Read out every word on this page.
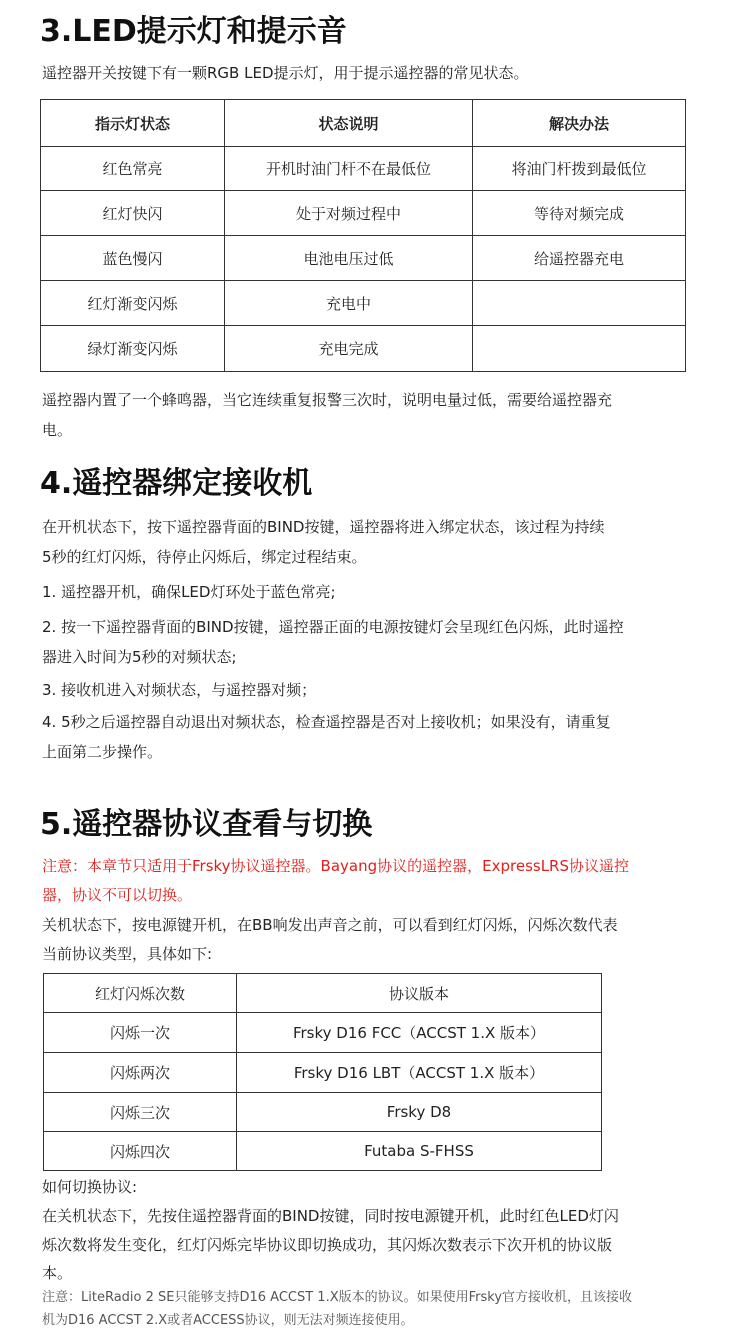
3.LED提示灯和提示音

遥控器开关按键下有一颗RGB LED提示灯，用于提示遥控器的常见状态。

指示灯状态	状态说明	解决办法
红色常亮	开机时油门杆不在最低位	将油门杆拨到最低位
红灯快闪	处于对频过程中	等待对频完成
蓝色慢闪	电池电压过低	给遥控器充电
红灯渐变闪烁	充电中	
绿灯渐变闪烁	充电完成	

遥控器内置了一个蜂鸣器，当它连续重复报警三次时，说明电量过低，需要给遥控器充

电。

4.遥控器绑定接收机

在开机状态下，按下遥控器背面的BIND按键，遥控器将进入绑定状态，该过程为持续

5秒的红灯闪烁，待停止闪烁后，绑定过程结束。

1. 遥控器开机，确保LED灯环处于蓝色常亮;

2. 按一下遥控器背面的BIND按键，遥控器正面的电源按键灯会呈现红色闪烁，此时遥控

器进入时间为5秒的对频状态;

3. 接收机进入对频状态，与遥控器对频；

4. 5秒之后遥控器自动退出对频状态，检查遥控器是否对上接收机；如果没有，请重复

上面第二步操作。

5.遥控器协议查看与切换

注意：本章节只适用于Frsky协议遥控器。Bayang协议的遥控器，ExpressLRS协议遥控

器，协议不可以切换。

关机状态下，按电源键开机，在BB响发出声音之前，可以看到红灯闪烁，闪烁次数代表

当前协议类型，具体如下:

红灯闪烁次数	协议版本
闪烁一次	Frsky D16 FCC（ACCST 1.X 版本）
闪烁两次	Frsky D16 LBT（ACCST 1.X 版本）
闪烁三次	Frsky D8
闪烁四次	Futaba S-FHSS

如何切换协议:

在关机状态下，先按住遥控器背面的BIND按键，同时按电源键开机，此时红色LED灯闪

烁次数将发生变化，红灯闪烁完毕协议即切换成功，其闪烁次数表示下次开机的协议版

本。

注意：LiteRadio 2 SE只能够支持D16 ACCST 1.X版本的协议。如果使用Frsky官方接收机，且该接收

机为D16 ACCST 2.X或者ACCESS协议，则无法对频连接使用。
